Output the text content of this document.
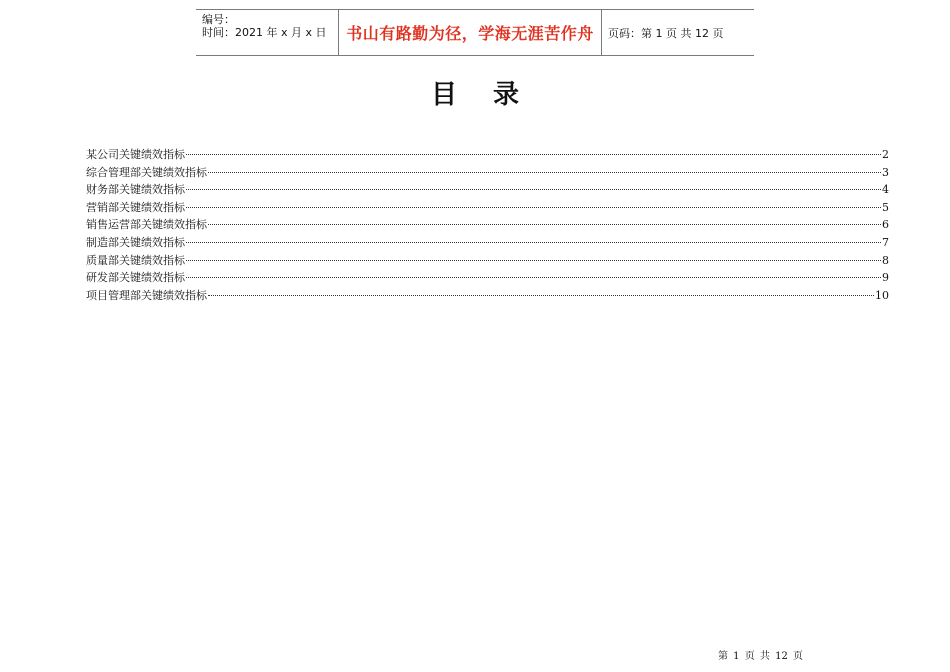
编号：
时间：2021 年 x 月 x 日	书山有路勤为径，学海无涯苦作舟	页码：第 1 页 共 12 页
目录
某公司关键绩效指标	2
综合管理部关键绩效指标	3
财务部关键绩效指标	4
营销部关键绩效指标	5
销售运营部关键绩效指标	6
制造部关键绩效指标	7
质量部关键绩效指标	8
研发部关键绩效指标	9
项目管理部关键绩效指标	10
第 1 页 共 12 页
